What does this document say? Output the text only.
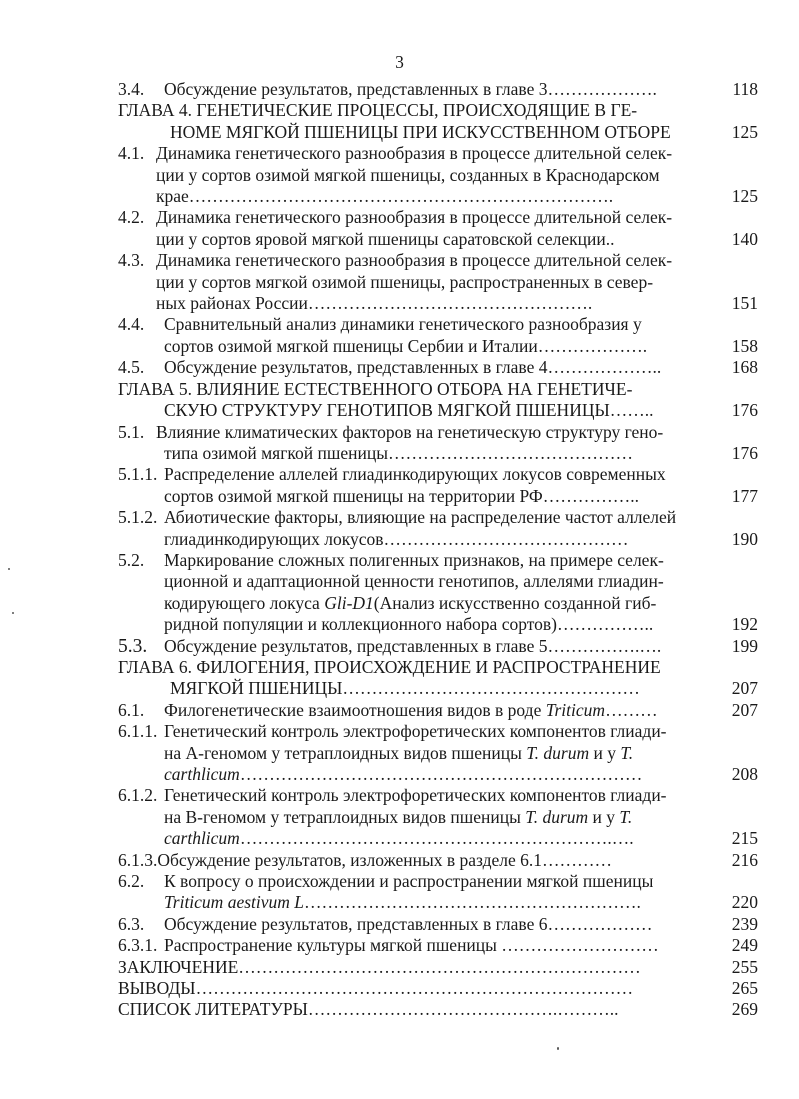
3
3.4. Обсуждение результатов, представленных в главе 3……………….	118
ГЛАВА 4. ГЕНЕТИЧЕСКИЕ ПРОЦЕССЫ, ПРОИСХОДЯЩИЕ В ГЕ-
НОМЕ МЯГКОЙ ПШЕНИЦЫ ПРИ ИСКУССТВЕННОМ ОТБОРЕ	125
4.1. Динамика генетического разнообразия в процессе длительной селек-
ции у сортов озимой мягкой пшеницы, созданных в Краснодарском
крае……………………………………………………………….	125
4.2. Динамика генетического разнообразия в процессе длительной селек-
ции у сортов яровой мягкой пшеницы саратовской селекции..	140
4.3. Динамика генетического разнообразия в процессе длительной селек-
ции у сортов мягкой озимой пшеницы, распространенных в север-
ных районах России………………………………………….	151
4.4. Сравнительный анализ динамики генетического разнообразия у
сортов озимой мягкой пшеницы Сербии и Италии……………….	158
4.5. Обсуждение результатов, представленных в главе 4………………..	168
ГЛАВА 5. ВЛИЯНИЕ ЕСТЕСТВЕННОГО ОТБОРА НА ГЕНЕТИЧЕ-
СКУЮ СТРУКТУРУ ГЕНОТИПОВ МЯГКОЙ ПШЕНИЦЫ……..	176
5.1. Влияние климатических факторов на генетическую структуру гено-
типа озимой мягкой пшеницы……………………………………	176
5.1.1. Распределение аллелей глиадинкодирующих локусов современных
сортов озимой мягкой пшеницы на территории РФ……………..	177
5.1.2. Абиотические факторы, влияющие на распределение частот аллелей
глиадинкодирующих локусов……………………………………	190
5.2. Маркирование сложных полигенных признаков, на примере селек-
ционной и адаптационной ценности генотипов, аллелями глиадин-
кодирующего локуса Gli-D1(Анализ искусственно созданной гиб-
ридной популяции и коллекционного набора сортов)……………..	192
5.3. Обсуждение результатов, представленных в главе 5…………….….	199
ГЛАВА 6. ФИЛОГЕНИЯ, ПРОИСХОЖДЕНИЕ И РАСПРОСТРАНЕНИЕ
МЯГКОЙ ПШЕНИЦЫ……………………………………………	207
6.1. Филогенетические взаимоотношения видов в роде Triticum………	207
6.1.1. Генетический контроль электрофоретических компонентов глиади-
на А-геномом у тетраплоидных видов пшеницы T. durum и у T.
carthlicum……………………………………………………………	208
6.1.2. Генетический контроль электрофоретических компонентов глиади-
на В-геномом у тетраплоидных видов пшеницы T. durum и у T.
carthlicum……………………………………………………….….	215
6.1.3.Обсуждение результатов, изложенных в разделе 6.1…………	216
6.2. К вопросу о происхождении и распространении мягкой пшеницы
Triticum aestivum L………………………………………………….	220
6.3. Обсуждение результатов, представленных в главе 6………………	239
6.3.1. Распространение культуры мягкой пшеницы ………………………	249
ЗАКЛЮЧЕНИЕ……………………………………………………………	255
ВЫВОДЫ…………………………………………………………………	265
СПИСОК ЛИТЕРАТУРЫ…………………………………….………..	269
